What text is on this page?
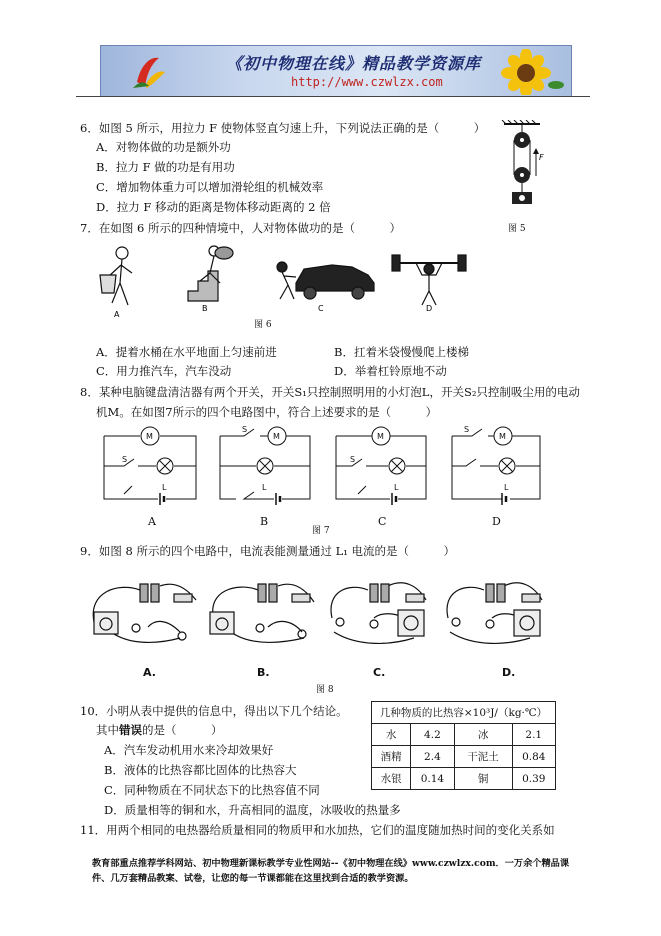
《初中物理在线》精品教学资源库
http://www.czwlzx.com
6．如图 5 所示，用拉力 F 使物体竖直匀速上升，下列说法正确的是（　　　）
A．对物体做的功是额外功
B．拉力 F 做的功是有用功
C．增加物体重力可以增加滑轮组的机械效率
D．拉力 F 移动的距离是物体移动距离的 2 倍
F
图 5
7．在如图 6 所示的四种情境中，人对物体做功的是（　　　）
A
B	C	D
图 6
A．提着水桶在水平地面上匀速前进	B．扛着米袋慢慢爬上楼梯
C．用力推汽车，汽车没动	D．举着杠铃原地不动
8．某种电脑键盘清洁器有两个开关，开关S₁只控制照明用的小灯泡L，开关S₂只控制吸尘用的电动
机M。在如图7所示的四个电路图中，符合上述要求的是（　　　）
M	M	M	M
L	L	L	L
S
S
S
S
A	B
图 7
C	D
9．如图 8 所示的四个电路中，电流表能测量通过 L₁ 电流的是（　　　）
A.	B.	C.	D.
图 8
10．小明从表中提供的信息中，得出以下几个结论。
其中错误的是（　　　）
A．汽车发动机用水来冷却效果好
B．液体的比热容都比固体的比热容大
C．同种物质在不同状态下的比热容值不同
D．质量相等的铜和水，升高相同的温度，冰吸收的热量多
几种物质的比热容×10³J/（kg·℃）			
水	4.2	冰	2.1
酒精	2.4	干泥土	0.84
水银	0.14	铜	0.39
11．用两个相同的电热器给质量相同的物质甲和水加热，它们的温度随加热时间的变化关系如
教育部重点推荐学科网站、初中物理新课标教学专业性网站--《初中物理在线》www.czwlzx.com．一万余个精品课件、几万套精品教案、试卷，让您的每一节课都能在这里找到合适的教学资源。
